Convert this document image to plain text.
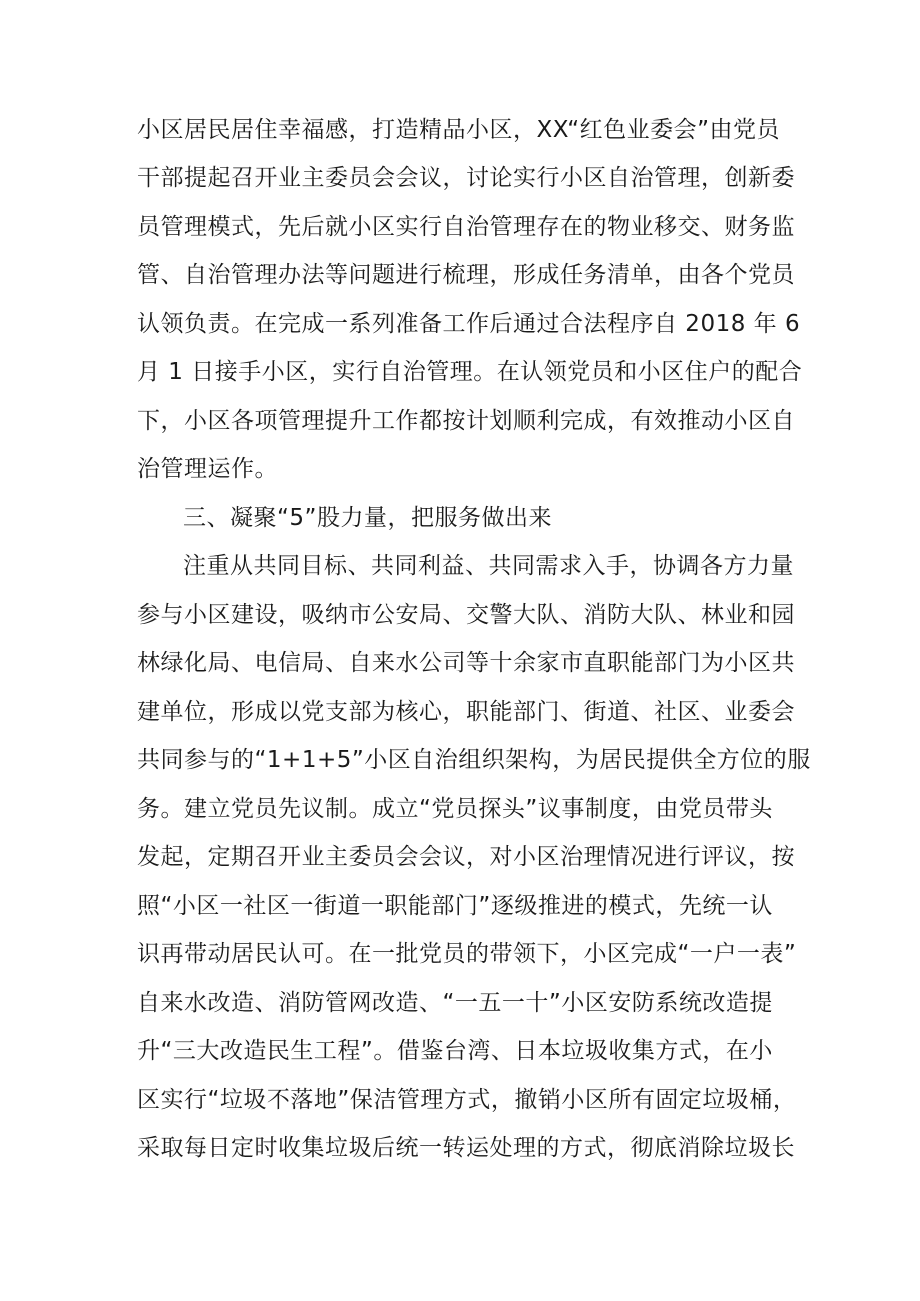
小区居民居住幸福感，打造精品小区，XX“红色业委会”由党员
干部提起召开业主委员会会议，讨论实行小区自治管理，创新委
员管理模式，先后就小区实行自治管理存在的物业移交、财务监
管、自治管理办法等问题进行梳理，形成任务清单，由各个党员
认领负责。在完成一系列准备工作后通过合法程序自 2018 年 6
月 1 日接手小区，实行自治管理。在认领党员和小区住户的配合
下，小区各项管理提升工作都按计划顺利完成，有效推动小区自
治管理运作。
三、凝聚“5”股力量，把服务做出来
注重从共同目标、共同利益、共同需求入手，协调各方力量
参与小区建设，吸纳市公安局、交警大队、消防大队、林业和园
林绿化局、电信局、自来水公司等十余家市直职能部门为小区共
建单位，形成以党支部为核心，职能部门、街道、社区、业委会
共同参与的“1+1+5”小区自治组织架构，为居民提供全方位的服
务。建立党员先议制。成立“党员探头”议事制度，由党员带头
发起，定期召开业主委员会会议，对小区治理情况进行评议，按
照“小区一社区一街道一职能部门”逐级推进的模式，先统一认
识再带动居民认可。在一批党员的带领下，小区完成“一户一表”
自来水改造、消防管网改造、“一五一十”小区安防系统改造提
升“三大改造民生工程”。借鉴台湾、日本垃圾收集方式，在小
区实行“垃圾不落地”保洁管理方式，撤销小区所有固定垃圾桶，
采取每日定时收集垃圾后统一转运处理的方式，彻底消除垃圾长
